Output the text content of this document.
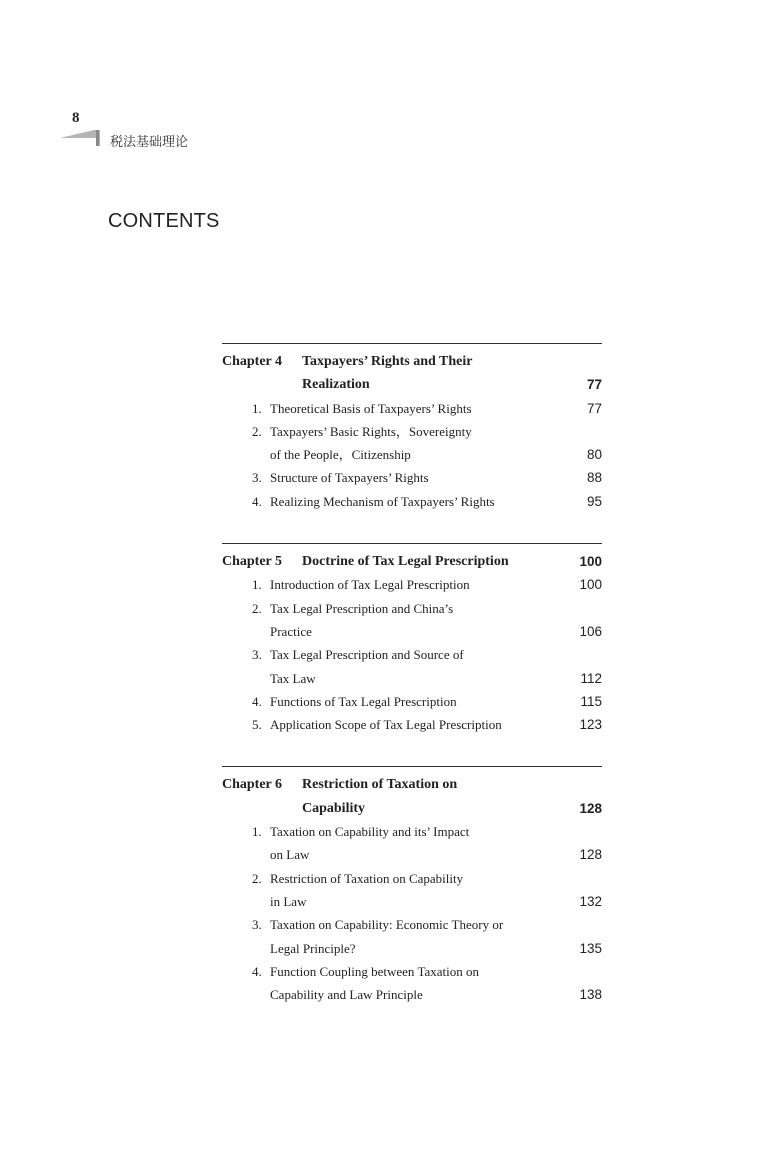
8
税法基础理论
CONTENTS
Chapter 4 Taxpayers’ Rights and Their
Realization	77
1. Theoretical Basis of Taxpayers’ Rights	77
2. Taxpayers’ Basic Rights，Sovereignty
of the People，Citizenship	80
3. Structure of Taxpayers’ Rights	88
4. Realizing Mechanism of Taxpayers’ Rights	95
Chapter 5 Doctrine of Tax Legal Prescription	100
1. Introduction of Tax Legal Prescription	100
2. Tax Legal Prescription and China’s
Practice	106
3. Tax Legal Prescription and Source of
Tax Law	112
4. Functions of Tax Legal Prescription	115
5. Application Scope of Tax Legal Prescription	123
Chapter 6 Restriction of Taxation on
Capability	128
1. Taxation on Capability and its’ Impact
on Law	128
2. Restriction of Taxation on Capability
in Law	132
3. Taxation on Capability: Economic Theory or
Legal Principle?	135
4. Function Coupling between Taxation on
Capability and Law Principle	138
